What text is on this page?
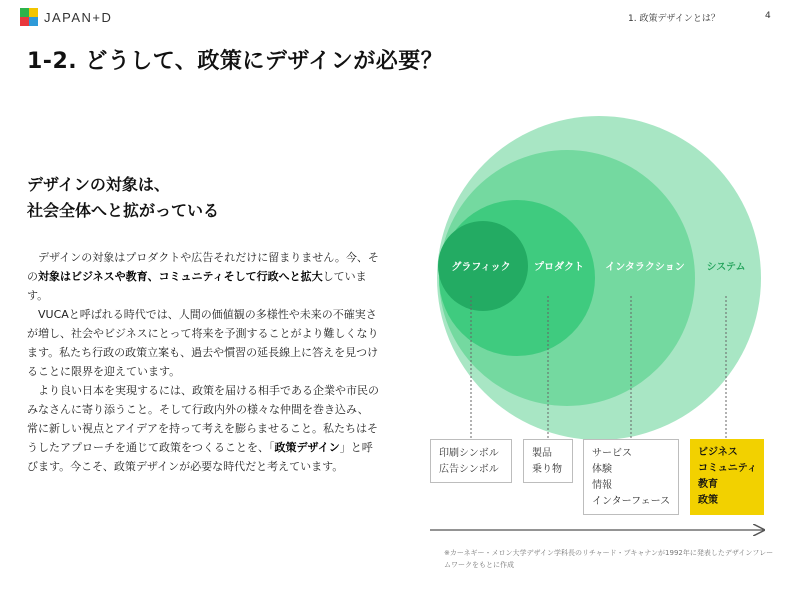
JAPAN+D	1. 政策デザインとは？	4
1-2. どうして、政策にデザインが必要？
デザインの対象は、
社会全体へと拡がっている

デザインの対象はプロダクトや広告それだけに留まりません。今、その対象はビジネスや教育、コミュニティそして行政へと拡大しています。

VUCAと呼ばれる時代では、人間の価値観の多様性や未来の不確実さが増し、社会やビジネスにとって将来を予測することがより難しくなります。私たち行政の政策立案も、過去や慣習の延長線上に答えを見つけることに限界を迎えています。

より良い日本を実現するには、政策を届ける相手である企業や市民のみなさんに寄り添うこと。そして行政内外の様々な仲間を巻き込み、常に新しい視点とアイデアを持って考えを膨らませること。私たちはそうしたアプローチを通じて政策をつくることを、「政策デザイン」と呼びます。今こそ、政策デザインが必要な時代だと考えています。

グラフィック プロダクト インタラクション システム
印刷シンボル
広告シンボル
製品
乗り物
サービス
体験
情報
インターフェース
ビジネス
コミュニティ
教育
政策

※カーネギー・メロン大学デザイン学科長のリチャード・ブキャナンが1992年に発表したデザインフレームワークをもとに作成
